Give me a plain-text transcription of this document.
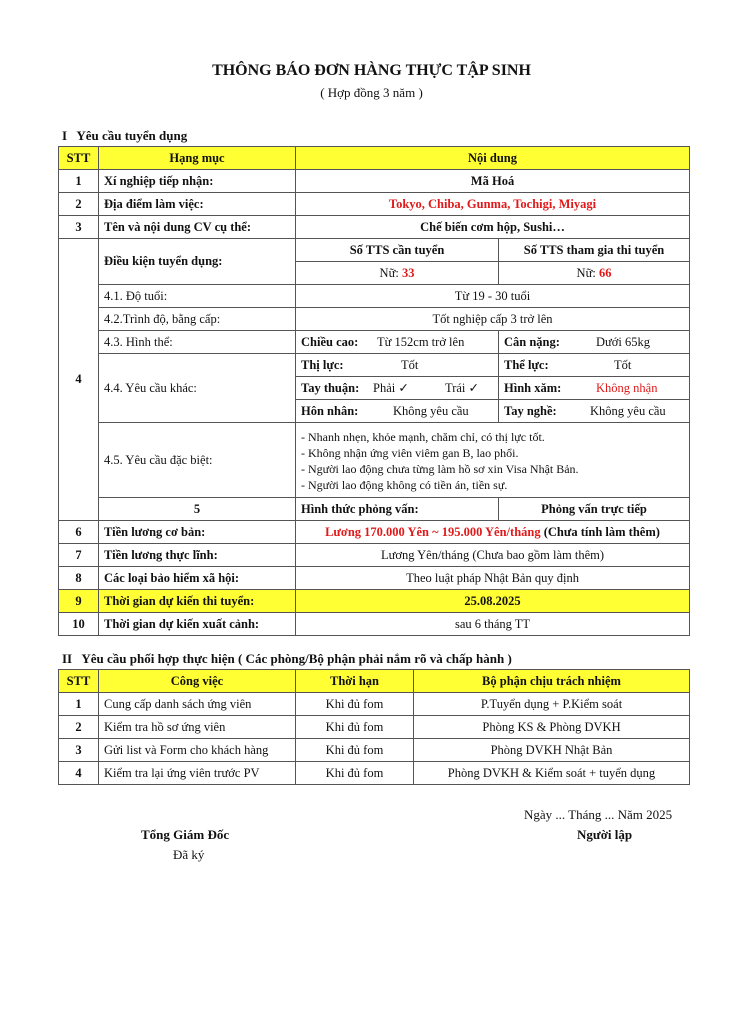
THÔNG BÁO ĐƠN HÀNG THỰC TẬP SINH
( Hợp đồng 3 năm )
I   Yêu cầu tuyển dụng
STT	Hạng mục	Nội dung	
1	Xí nghiệp tiếp nhận:	Mã Hoá	
2	Địa điểm làm việc:	Tokyo, Chiba, Gunma, Tochigi, Miyagi	
3	Tên và nội dung CV cụ thể:	Chế biến cơm hộp, Sushi…	
4	Điều kiện tuyển dụng:	Số TTS cần tuyển	Số TTS tham gia thi tuyển
		Nữ: 33	Nữ: 66
	4.1. Độ tuổi:	Từ 19 - 30 tuổi	
	4.2.Trình độ, bằng cấp:	Tốt nghiệp cấp 3 trở lên	
	4.3. Hình thể:	Chiều cao: Từ 152cm trở lên	Cân nặng: Dưới 65kg

	4.4. Yêu cầu khác:	Thị lực: Tốt	Thể lực: Tốt

		Tay thuận: Phải ✓ Trái ✓	Hình xăm: Không nhận

		Hôn nhân: Không yêu cầu	Tay nghề: Không yêu cầu

	4.5. Yêu cầu đặc biệt:	- Nhanh nhẹn, khỏe mạnh, chăm chỉ, có thị lực tốt.
- Không nhận ứng viên viêm gan B, lao phổi.
- Người lao động chưa từng làm hồ sơ xin Visa Nhật Bản.
- Người lao động không có tiền án, tiền sự.	

	5	Hình thức phỏng vấn:	Phỏng vấn trực tiếp
6	Tiền lương cơ bản:	Lương 170.000 Yên ~ 195.000 Yên/tháng (Chưa tính làm thêm)	
7	Tiền lương thực lĩnh:	Lương Yên/tháng (Chưa bao gồm làm thêm)	
8	Các loại bảo hiểm xã hội:	Theo luật pháp Nhật Bản quy định	
9	Thời gian dự kiến thi tuyển:	25.08.2025	
10	Thời gian dự kiến xuất cảnh:	sau 6 tháng TT	
II   Yêu cầu phối hợp thực hiện ( Các phòng/Bộ phận phải nắm rõ và chấp hành )
STT	Công việc	Thời hạn	Bộ phận chịu trách nhiệm
1	Cung cấp danh sách ứng viên	Khi đủ fom	P.Tuyển dụng + P.Kiểm soát
2	Kiểm tra hồ sơ ứng viên	Khi đủ fom	Phòng KS & Phòng DVKH
3	Gửi list và Form cho khách hàng	Khi đủ fom	Phòng DVKH Nhật Bản
4	Kiểm tra lại ứng viên trước PV	Khi đủ fom	Phòng DVKH & Kiểm soát + tuyển dụng
Ngày ... Tháng ... Năm 2025
Tổng Giám Đốc
Đã ký
Người lập
